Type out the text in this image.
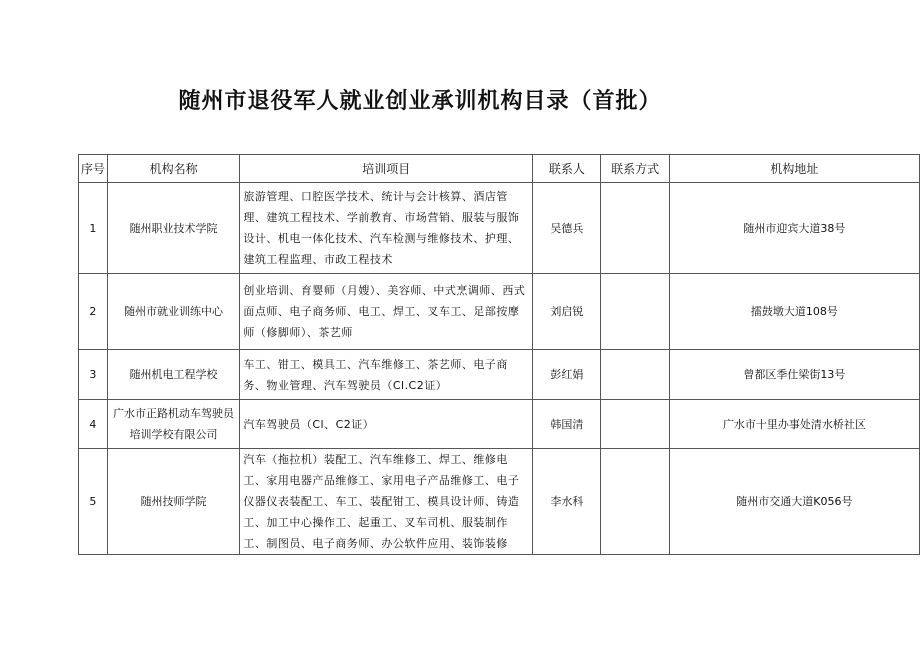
随州市退役军人就业创业承训机构目录（首批）
序号	机构名称	培训项目	联系人	联系方式	机构地址
1	随州职业技术学院	旅游管理、口腔医学技术、统计与会计核算、酒店管理、建筑工程技术、学前教育、市场营销、服装与服饰设计、机电一体化技术、汽车检测与维修技术、护理、建筑工程监理、市政工程技术	吴德兵		随州市迎宾大道38号
2	随州市就业训练中心	创业培训、育婴师（月嫂）、美容师、中式烹调师、西式面点师、电子商务师、电工、焊工、叉车工、足部按摩师（修脚师）、茶艺师	刘启锐		擂鼓墩大道108号
3	随州机电工程学校	车工、钳工、模具工、汽车维修工、茶艺师、电子商务、物业管理、汽车驾驶员（Cl.C2证）	彭红娟		曾都区季仕梁街13号
4	广水市正路机动车驾驶员培训学校有限公司	汽车驾驶员（Cl、C2证）	韩国清		广水市十里办事处清水桥社区
5	随州技师学院	汽车（拖拉机）装配工、汽车维修工、焊工、维修电工、家用电器产品维修工、家用电子产品维修工、电子仪器仪表装配工、车工、装配钳工、模具设计师、铸造工、加工中心操作工、起重工、叉车司机、服装制作工、制图员、电子商务师、办公软件应用、装饰装修	李水科		随州市交通大道K056号
